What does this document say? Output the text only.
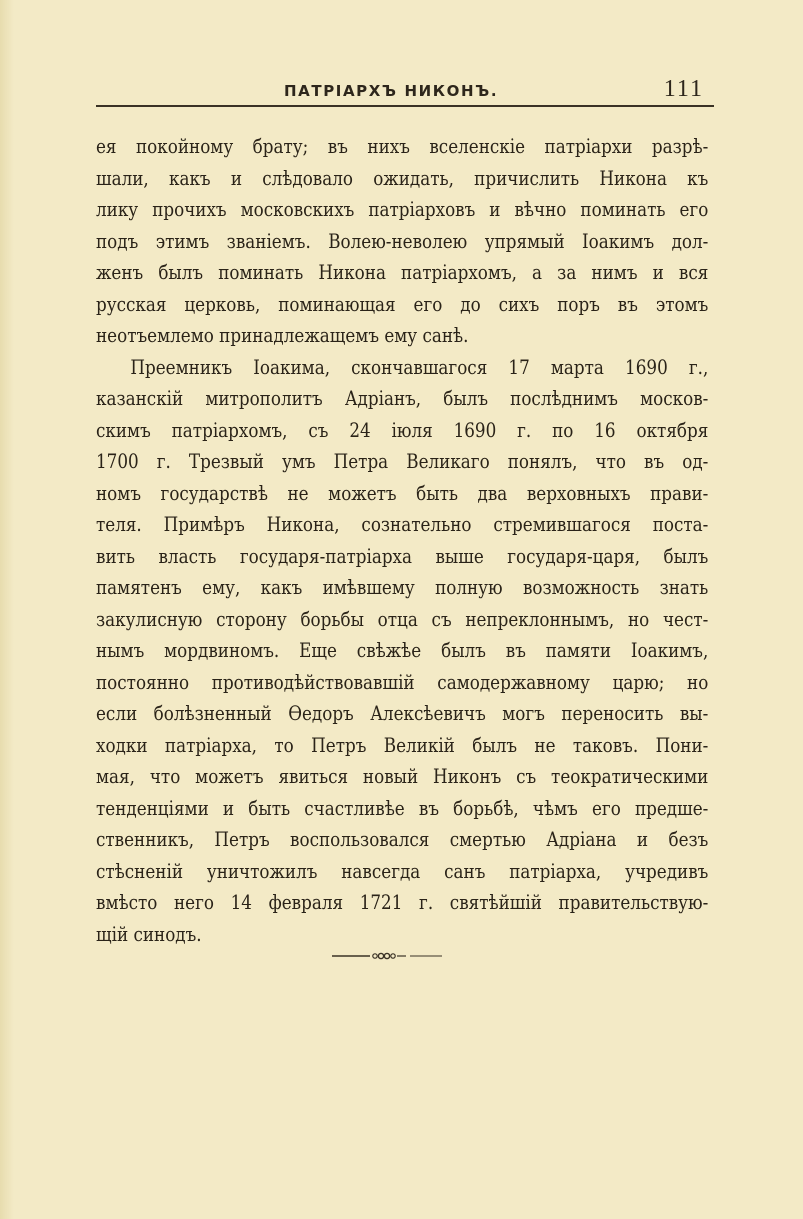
ПАТРІАРХЪ НИКОНЪ.	111
ея покойному брату; въ нихъ вселенскіе патріархи разрѣ-
шали, какъ и слѣдовало ожидать, причислить Никона къ
лику прочихъ московскихъ патріарховъ и вѣчно поминать его
подъ этимъ званіемъ. Волею-неволею упрямый Іоакимъ дол-
женъ былъ поминать Никона патріархомъ, а за нимъ и вся
русская церковь, поминающая его до сихъ поръ въ этомъ
неотъемлемо принадлежащемъ ему санѣ.
Преемникъ Іоакима, скончавшагося 17 марта 1690 г.,
казанскій митрополитъ Адріанъ, былъ послѣднимъ москов-
скимъ патріархомъ, съ 24 іюля 1690 г. по 16 октября
1700 г. Трезвый умъ Петра Великаго понялъ, что въ од-
номъ государствѣ не можетъ быть два верховныхъ прави-
теля. Примѣръ Никона, сознательно стремившагося поста-
вить власть государя-патріарха выше государя-царя, былъ
памятенъ ему, какъ имѣвшему полную возможность знать
закулисную сторону борьбы отца съ непреклоннымъ, но чест-
нымъ мордвиномъ. Еще свѣжѣе былъ въ памяти Іоакимъ,
постоянно противодѣйствовавшій самодержавному царю; но
если болѣзненный Өедоръ Алексѣевичъ могъ переносить вы-
ходки патріарха, то Петръ Великій былъ не таковъ. Пони-
мая, что можетъ явиться новый Никонъ съ теократическими
тенденціями и быть счастливѣе въ борьбѣ, чѣмъ его предше-
ственникъ, Петръ воспользовался смертью Адріана и безъ
стѣсненій уничтожилъ навсегда санъ патріарха, учредивъ
вмѣсто него 14 февраля 1721 г. святѣйшій правительствую-
щій синодъ.
